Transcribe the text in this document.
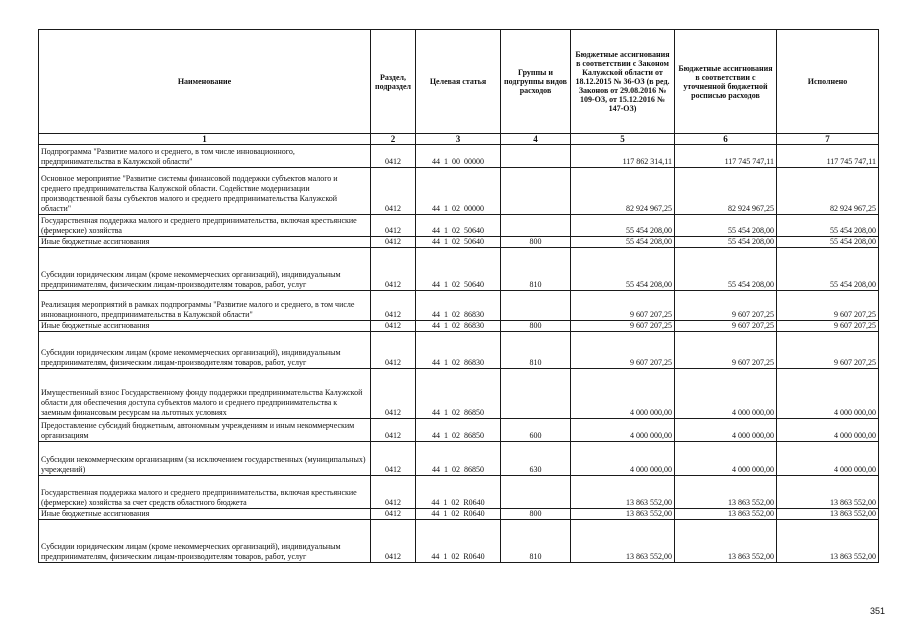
Наименование	Раздел, подраздел	Целевая статья	Группы и подгруппы видов расходов	Бюджетные ассигнования в соответствии с Законом Калужской области от 18.12.2015 № 36-ОЗ (в ред. Законов от 29.08.2016 № 109-ОЗ, от 15.12.2016 № 147-ОЗ)	Бюджетные ассигнования в соответствии с уточненной бюджетной росписью расходов	Исполнено
1	2	3	4	5	6	7
Подпрограмма "Развитие малого и среднего, в том числе инновационного, предпринимательства в Калужской области"	0412	44  1  00  00000		117 862 314,11	117 745 747,11	117 745 747,11
Основное мероприятие "Развитие системы финансовой поддержки субъектов малого и среднего предпринимательства Калужской области. Содействие модернизации производственной базы субъектов малого и среднего предпринимательства Калужской области"	0412	44  1  02  00000		82 924 967,25	82 924 967,25	82 924 967,25
Государственная поддержка малого и среднего предпринимательства, включая крестьянские (фермерские) хозяйства	0412	44  1  02  50640		55 454 208,00	55 454 208,00	55 454 208,00
Иные бюджетные ассигнования	0412	44  1  02  50640	800	55 454 208,00	55 454 208,00	55 454 208,00
Субсидии юридическим лицам (кроме некоммерческих организаций), индивидуальным предпринимателям, физическим лицам-производителям товаров, работ, услуг	0412	44  1  02  50640	810	55 454 208,00	55 454 208,00	55 454 208,00
Реализация мероприятий в рамках подпрограммы "Развитие малого и среднего, в том числе инновационного, предпринимательства в Калужской области"	0412	44  1  02  86830		9 607 207,25	9 607 207,25	9 607 207,25
Иные бюджетные ассигнования	0412	44  1  02  86830	800	9 607 207,25	9 607 207,25	9 607 207,25
Субсидии юридическим лицам (кроме некоммерческих организаций), индивидуальным предпринимателям, физическим лицам-производителям товаров, работ, услуг	0412	44  1  02  86830	810	9 607 207,25	9 607 207,25	9 607 207,25
Имущественный взнос Государственному фонду поддержки предпринимательства Калужской области для обеспечения доступа субъектов малого и среднего предпринимательства к заемным финансовым ресурсам на льготных условиях	0412	44  1  02  86850		4 000 000,00	4 000 000,00	4 000 000,00
Предоставление субсидий бюджетным, автономным учреждениям и иным некоммерческим организациям	0412	44  1  02  86850	600	4 000 000,00	4 000 000,00	4 000 000,00
Субсидии некоммерческим организациям (за исключением государственных (муниципальных) учреждений)	0412	44  1  02  86850	630	4 000 000,00	4 000 000,00	4 000 000,00
Государственная поддержка малого и среднего предпринимательства, включая крестьянские (фермерские) хозяйства за счет средств областного бюджета	0412	44  1  02  R0640		13 863 552,00	13 863 552,00	13 863 552,00
Иные бюджетные ассигнования	0412	44  1  02  R0640	800	13 863 552,00	13 863 552,00	13 863 552,00
Субсидии юридическим лицам (кроме некоммерческих организаций), индивидуальным предпринимателям, физическим лицам-производителям товаров, работ, услуг	0412	44  1  02  R0640	810	13 863 552,00	13 863 552,00	13 863 552,00
351
